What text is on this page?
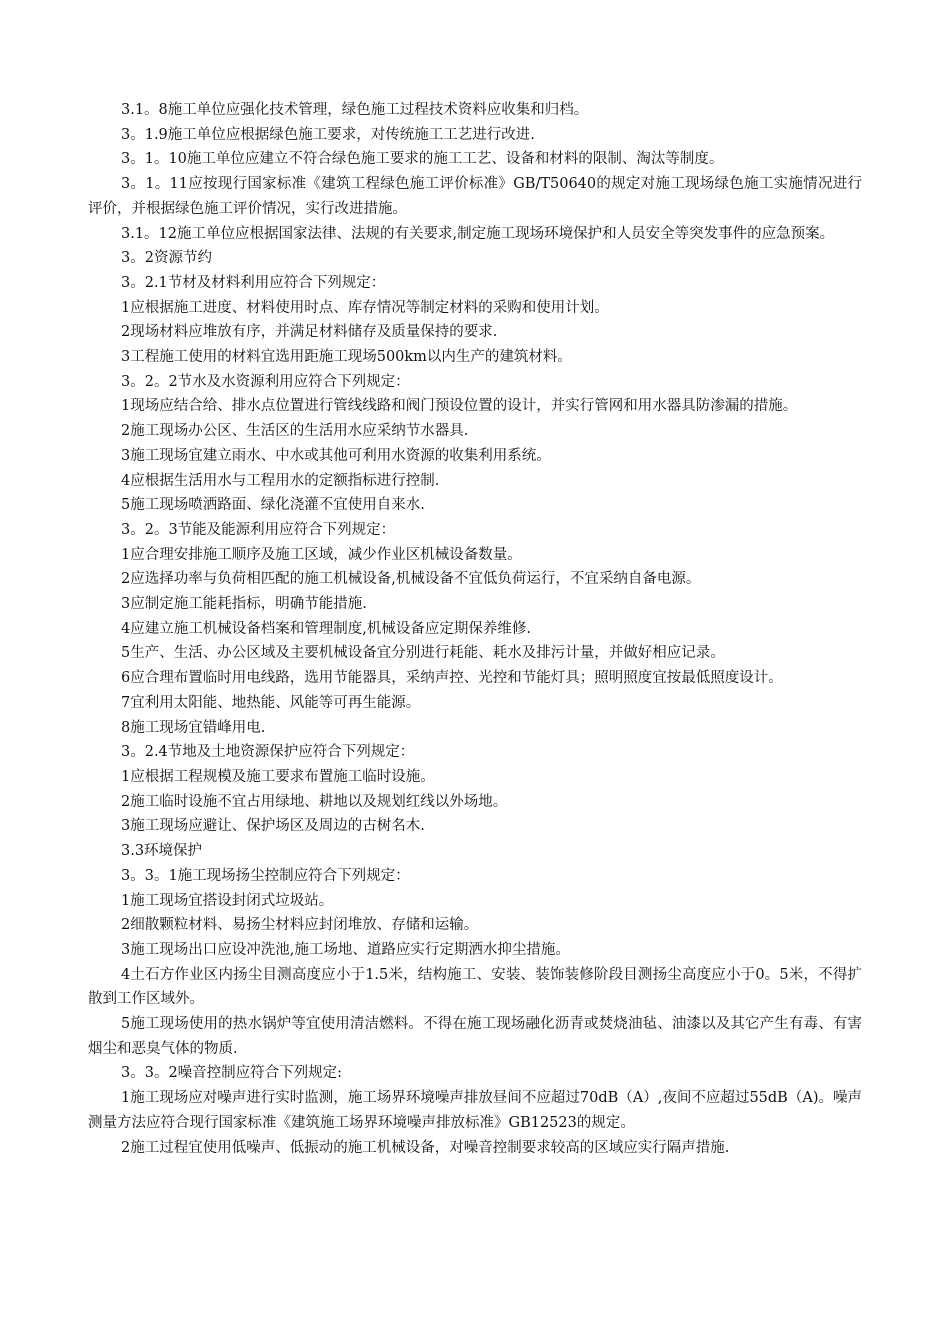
3.1。8施工单位应强化技术管理，绿色施工过程技术资料应收集和归档。

3。1.9施工单位应根据绿色施工要求，对传统施工工艺进行改进.

3。1。10施工单位应建立不符合绿色施工要求的施工工艺、设备和材料的限制、淘汰等制度。

3。1。11应按现行国家标准《建筑工程绿色施工评价标准》GB/T50640的规定对施工现场绿色施工实施情况进行评价，并根据绿色施工评价情况，实行改进措施。

3.1。12施工单位应根据国家法律、法规的有关要求,制定施工现场环境保护和人员安全等突发事件的应急预案。

3。2资源节约

3。2.1节材及材料利用应符合下列规定：

1应根据施工进度、材料使用时点、库存情况等制定材料的采购和使用计划。

2现场材料应堆放有序，并满足材料储存及质量保持的要求.

3工程施工使用的材料宜选用距施工现场500km以内生产的建筑材料。

3。2。2节水及水资源利用应符合下列规定：

1现场应结合给、排水点位置进行管线线路和阀门预设位置的设计，并实行管网和用水器具防渗漏的措施。

2施工现场办公区、生活区的生活用水应采纳节水器具.

3施工现场宜建立雨水、中水或其他可利用水资源的收集利用系统。

4应根据生活用水与工程用水的定额指标进行控制.

5施工现场喷洒路面、绿化浇灌不宜使用自来水.

3。2。3节能及能源利用应符合下列规定：

1应合理安排施工顺序及施工区域，减少作业区机械设备数量。

2应选择功率与负荷相匹配的施工机械设备,机械设备不宜低负荷运行，不宜采纳自备电源。

3应制定施工能耗指标，明确节能措施.

4应建立施工机械设备档案和管理制度,机械设备应定期保养维修.

5生产、生活、办公区域及主要机械设备宜分别进行耗能、耗水及排污计量，并做好相应记录。

6应合理布置临时用电线路，选用节能器具，采纳声控、光控和节能灯具；照明照度宜按最低照度设计。

7宜利用太阳能、地热能、风能等可再生能源。

8施工现场宜错峰用电.

3。2.4节地及土地资源保护应符合下列规定：

1应根据工程规模及施工要求布置施工临时设施。

2施工临时设施不宜占用绿地、耕地以及规划红线以外场地。

3施工现场应避让、保护场区及周边的古树名木.

3.3环境保护

3。3。1施工现场扬尘控制应符合下列规定：

1施工现场宜搭设封闭式垃圾站。

2细散颗粒材料、易扬尘材料应封闭堆放、存储和运输。

3施工现场出口应设冲洗池,施工场地、道路应实行定期洒水抑尘措施。

4土石方作业区内扬尘目测高度应小于1.5米，结构施工、安装、装饰装修阶段目测扬尘高度应小于0。5米，不得扩散到工作区域外。

5施工现场使用的热水锅炉等宜使用清洁燃料。不得在施工现场融化沥青或焚烧油毡、油漆以及其它产生有毒、有害烟尘和恶臭气体的物质.

3。3。2噪音控制应符合下列规定:

1施工现场应对噪声进行实时监测，施工场界环境噪声排放昼间不应超过70dB（A）,夜间不应超过55dB（A)。噪声测量方法应符合现行国家标准《建筑施工场界环境噪声排放标准》GB12523的规定。

2施工过程宜使用低噪声、低振动的施工机械设备，对噪音控制要求较高的区域应实行隔声措施.
